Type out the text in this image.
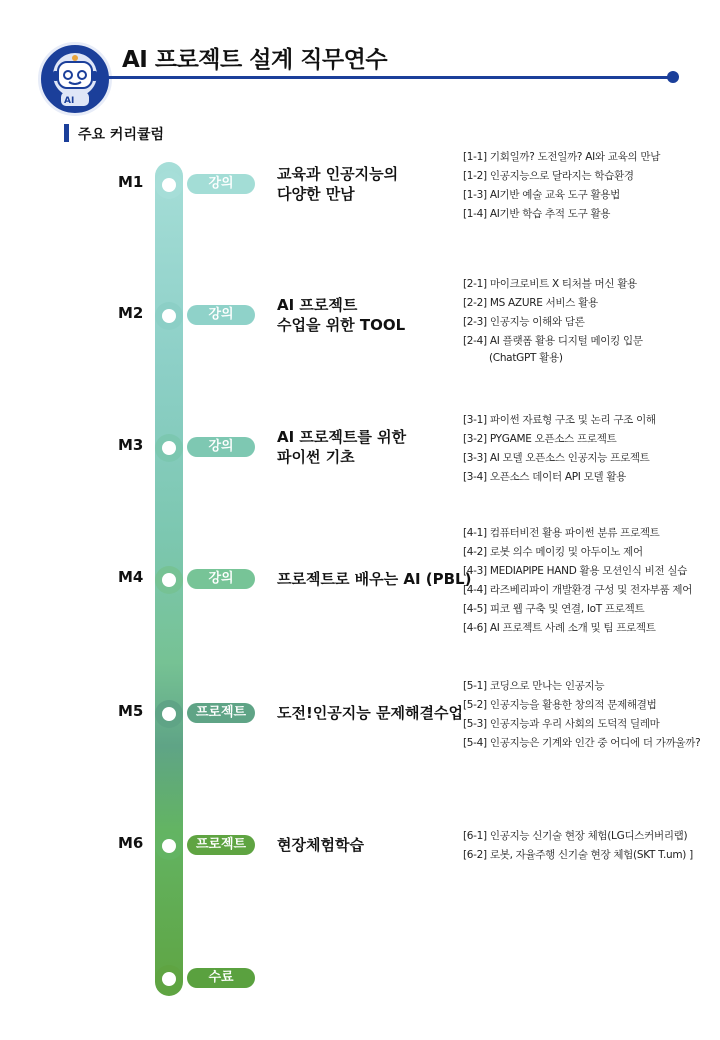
AI
AI 프로젝트 설계 직무연수
주요 커리큘럼
M1	강의
교육과 인공지능의
다양한 만남
[1-1] 기회일까? 도전일까? AI와 교육의 만남
[1-2] 인공지능으로 달라지는 학습환경
[1-3] AI기반 예술 교육 도구 활용법
[1-4] AI기반 학습 추적 도구 활용
M2	강의
AI 프로젝트
수업을 위한 TOOL
[2-1] 마이크로비트 X 티처블 머신 활용
[2-2] MS AZURE 서비스 활용
[2-3] 인공지능 이해와 담론
[2-4] AI 플랫폼 활용 디지털 메이킹 입문
(ChatGPT 활용)
M3	강의
AI 프로젝트를 위한
파이썬 기초
[3-1] 파이썬 자료형 구조 및 논리 구조 이해
[3-2] PYGAME 오픈소스 프로젝트
[3-3] AI 모델 오픈소스 인공지능 프로젝트
[3-4] 오픈소스 데이터 API 모델 활용
M4	강의	프로젝트로 배우는 AI (PBL)
[4-1] 컴퓨터비전 활용 파이썬 분류 프로젝트
[4-2] 로봇 의수 메이킹 및 아두이노 제어
[4-3] MEDIAPIPE HAND 활용 모션인식 비전 실습
[4-4] 라즈베리파이 개발환경 구성 및 전자부품 제어
[4-5] 피코 웹 구축 및 연결, IoT 프로젝트
[4-6] AI 프로젝트 사례 소개 및 팀 프로젝트
M5	프로젝트	도전!인공지능 문제해결수업
[5-1] 코딩으로 만나는 인공지능
[5-2] 인공지능을 활용한 창의적 문제해결법
[5-3] 인공지능과 우리 사회의 도덕적 딜레마
[5-4] 인공지능은 기계와 인간 중 어디에 더 가까울까?
M6	프로젝트	현장체험학습	[6-1] 인공지능 신기술 현장 체험(LG디스커버리랩)
[6-2] 로봇, 자율주행 신기술 현장 체험(SKT T.um) ]
수료
